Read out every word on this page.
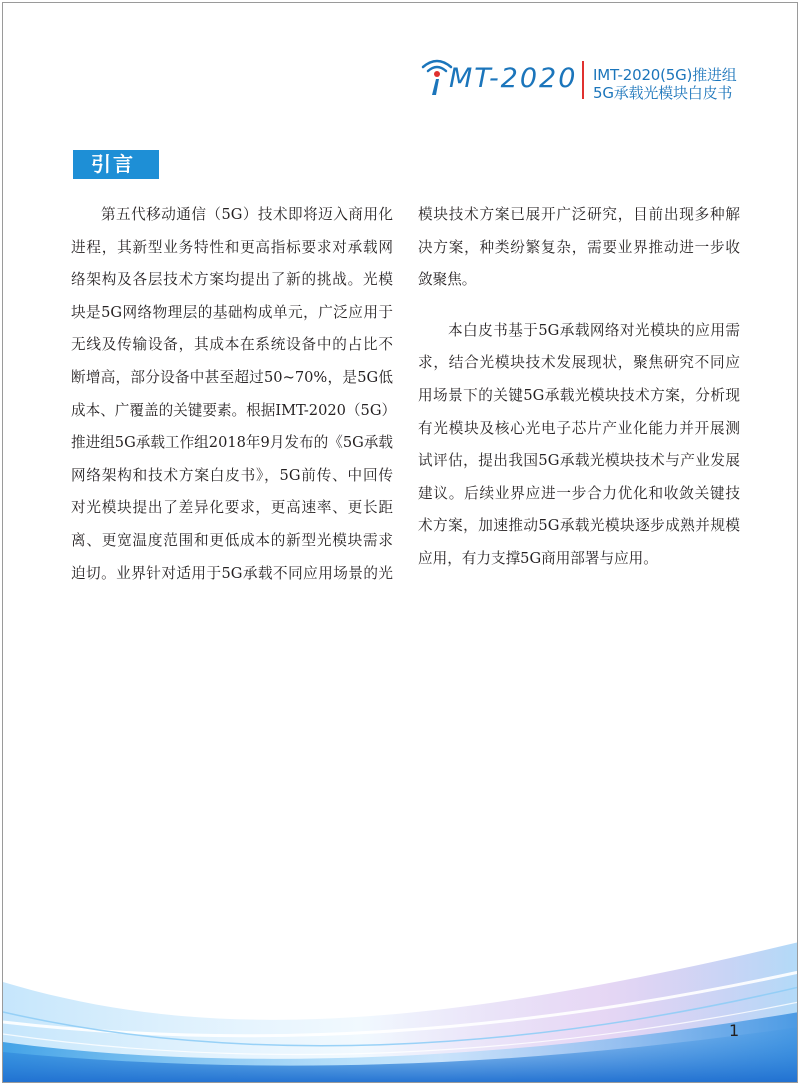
MT-2020 IMT-2020(5G)推进组
5G承载光模块白皮书
引言
第五代移动通信（5G）技术即将迈入商用化
进程，其新型业务特性和更高指标要求对承载网
络架构及各层技术方案均提出了新的挑战。光模
块是5G网络物理层的基础构成单元，广泛应用于
无线及传输设备，其成本在系统设备中的占比不
断增高，部分设备中甚至超过50~70%，是5G低
成本、广覆盖的关键要素。根据IMT-2020（5G）
推进组5G承载工作组2018年9月发布的《5G承载
网络架构和技术方案白皮书》，5G前传、中回传
对光模块提出了差异化要求，更高速率、更长距
离、更宽温度范围和更低成本的新型光模块需求
迫切。业界针对适用于5G承载不同应用场景的光
模块技术方案已展开广泛研究，目前出现多种解
决方案，种类纷繁复杂，需要业界推动进一步收
敛聚焦。
本白皮书基于5G承载网络对光模块的应用需
求，结合光模块技术发展现状，聚焦研究不同应
用场景下的关键5G承载光模块技术方案，分析现
有光模块及核心光电子芯片产业化能力并开展测
试评估，提出我国5G承载光模块技术与产业发展
建议。后续业界应进一步合力优化和收敛关键技
术方案，加速推动5G承载光模块逐步成熟并规模
应用，有力支撑5G商用部署与应用。
1
